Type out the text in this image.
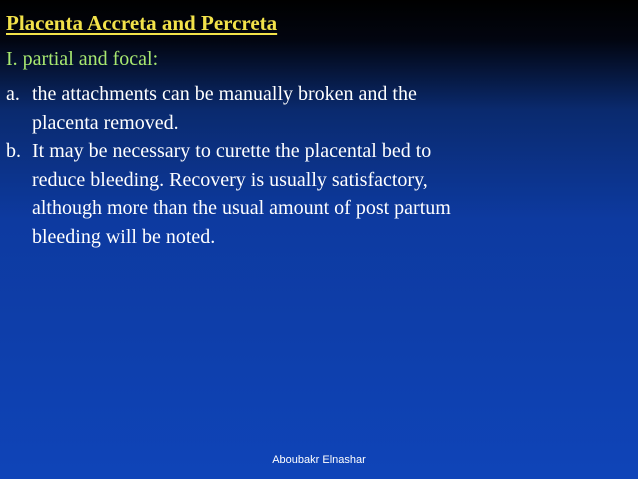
Placenta Accreta and Percreta
I. partial and focal:
a. the attachments can be manually broken and the
placenta removed.
b. It may be necessary to curette the placental bed to
reduce bleeding. Recovery is usually satisfactory,
although more than the usual amount of post partum
bleeding will be noted.
Aboubakr Elnashar
